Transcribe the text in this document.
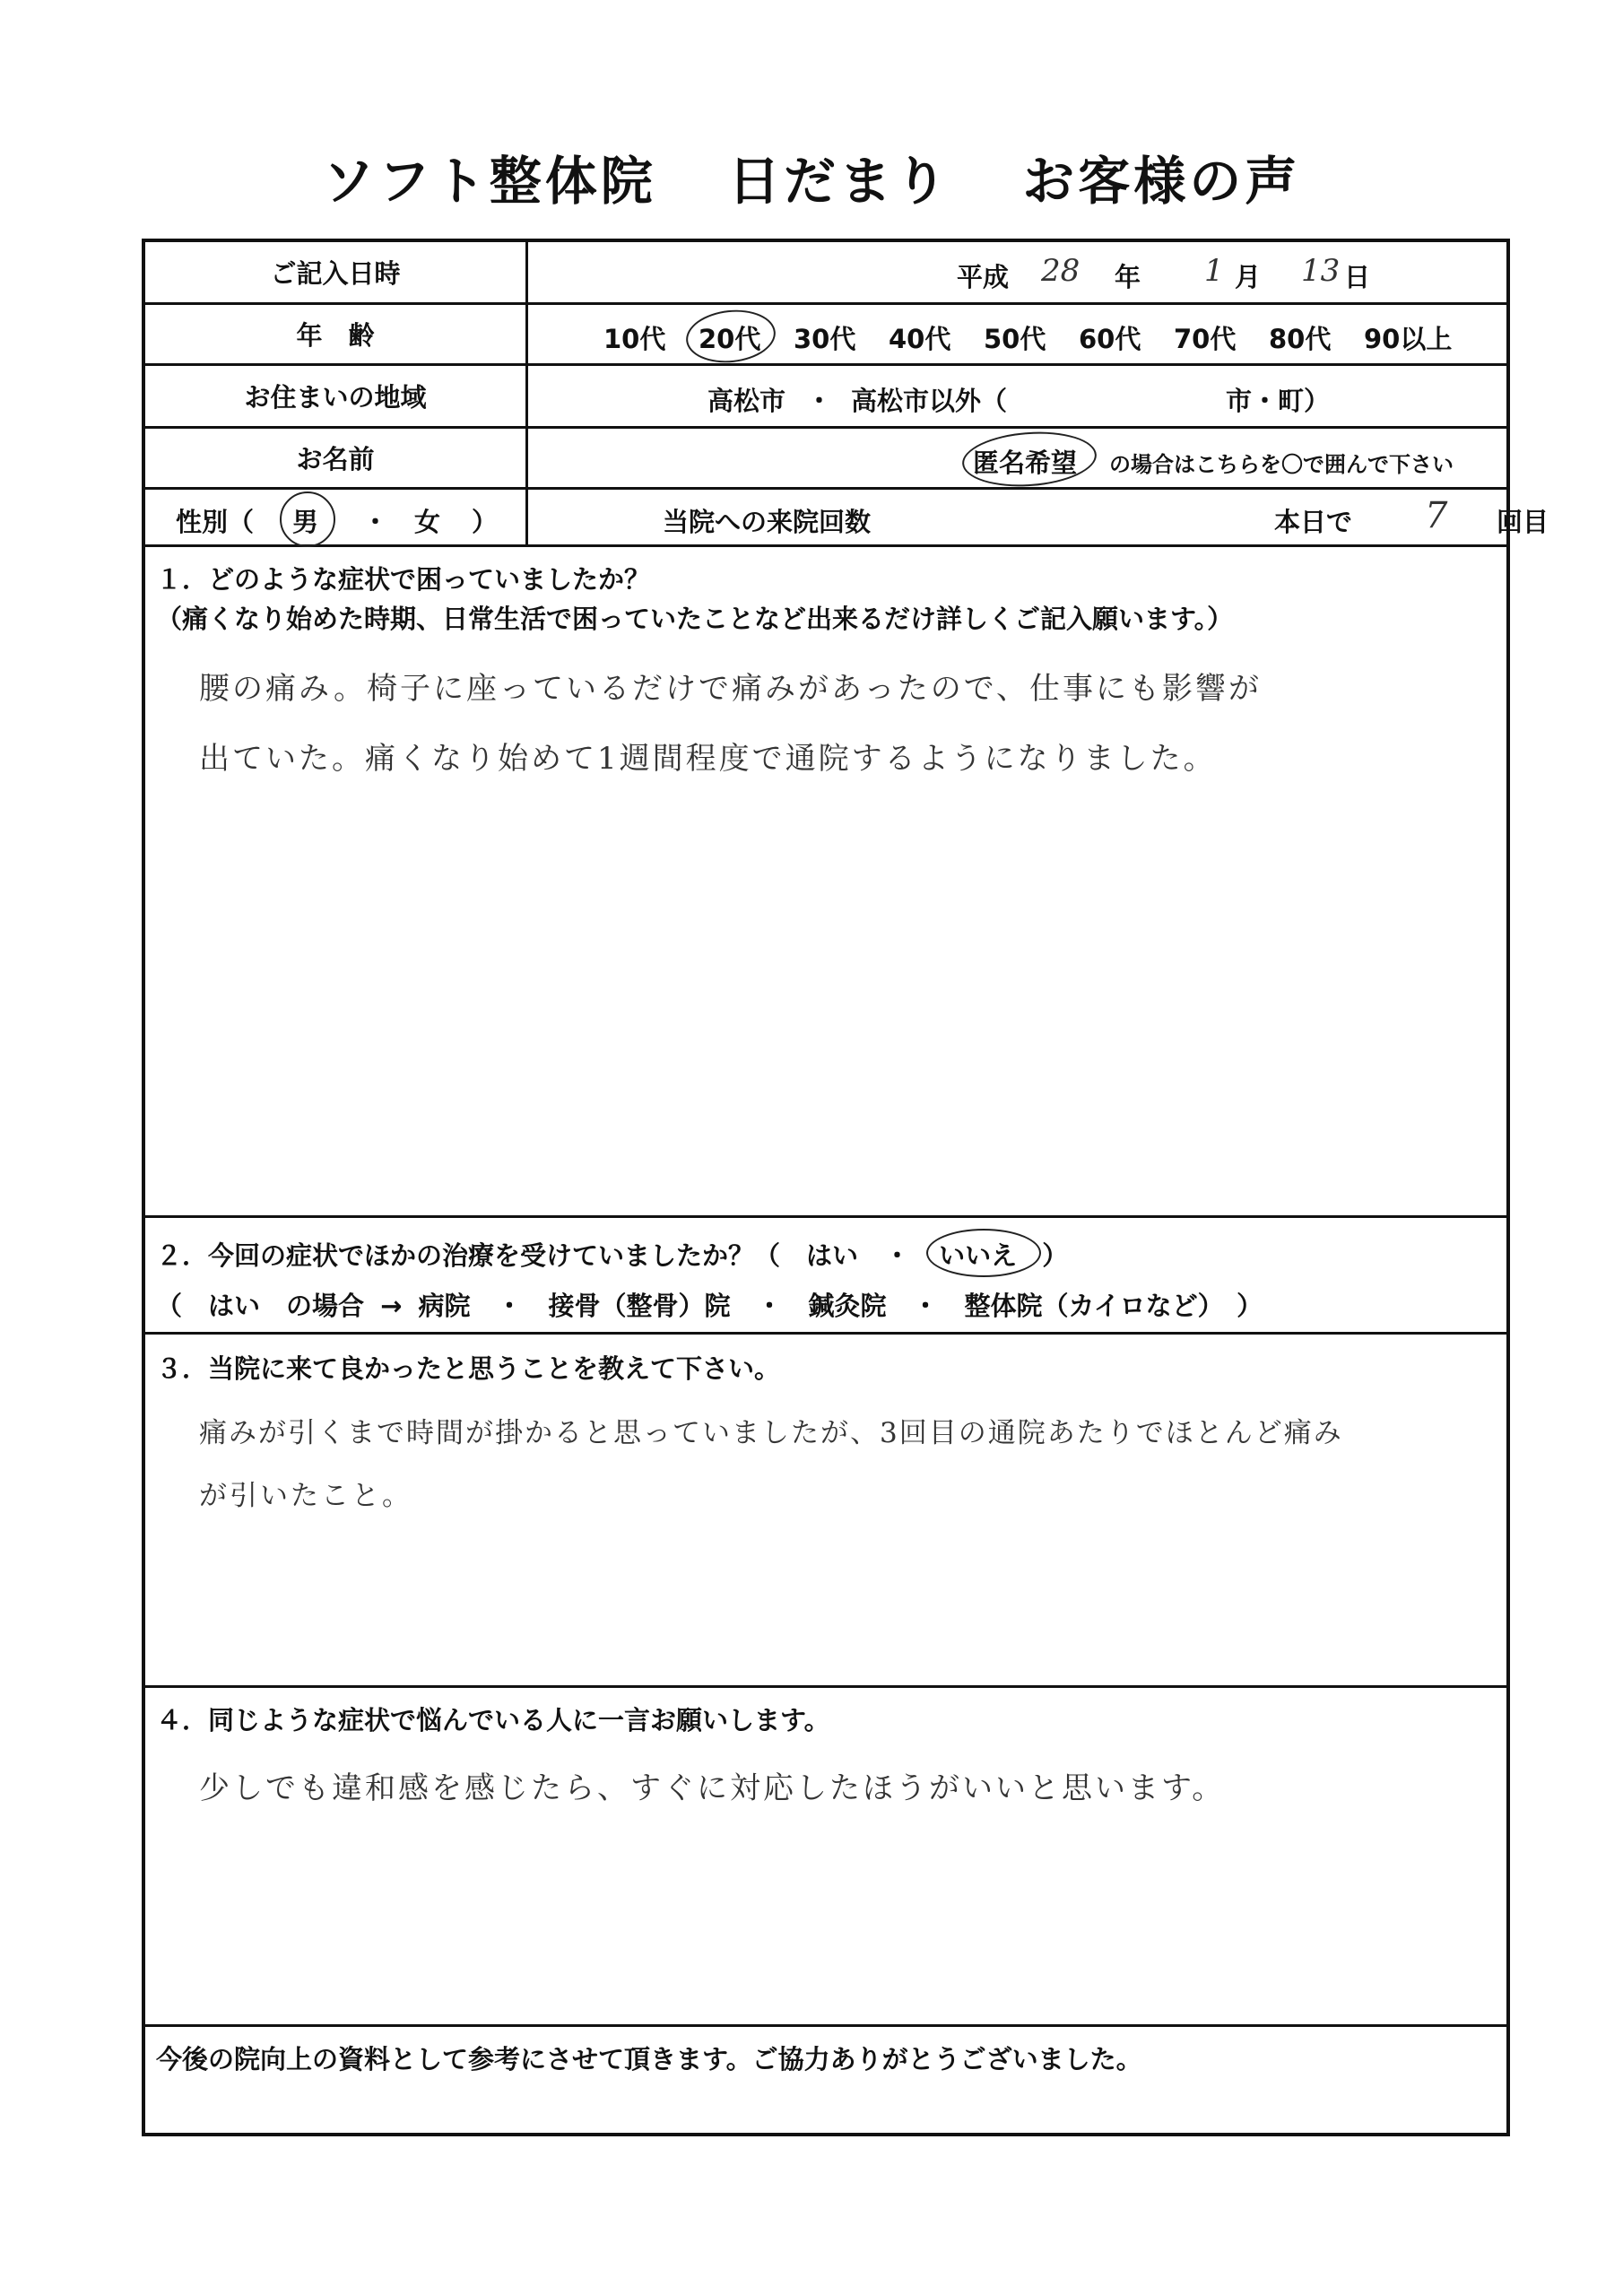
ソフト整体院 日だまり お客様の声
ご記入日時	平成 28 年 1 月 13 日
年　齢	10代 20代 30代 40代 50代 60代 70代 80代 90以上
お住まいの地域	高松市 ・ 高松市以外（	市・町）
お名前	匿名希望 の場合はこちらを〇で囲んで下さい
性別（ 男 ・ 女 ）	当院への来院回数	本日で 7 回目
１．どのような症状で困っていましたか？
（痛くなり始めた時期、日常生活で困っていたことなど出来るだけ詳しくご記入願います。）
腰の痛み。椅子に座っているだけで痛みがあったので、仕事にも影響が
出ていた。痛くなり始めて1週間程度で通院するようになりました。
２．今回の症状でほかの治療を受けていましたか？（　はい　・ いいえ ）
（　はい　の場合 → 病院　・　接骨（整骨）院　・　鍼灸院　・　整体院（カイロなど）　）
３．当院に来て良かったと思うことを教えて下さい。
痛みが引くまで時間が掛かると思っていましたが、3回目の通院あたりでほとんど痛み
が引いたこと。
４．同じような症状で悩んでいる人に一言お願いします。
少しでも違和感を感じたら、すぐに対応したほうがいいと思います。
今後の院向上の資料として参考にさせて頂きます。ご協力ありがとうございました。
